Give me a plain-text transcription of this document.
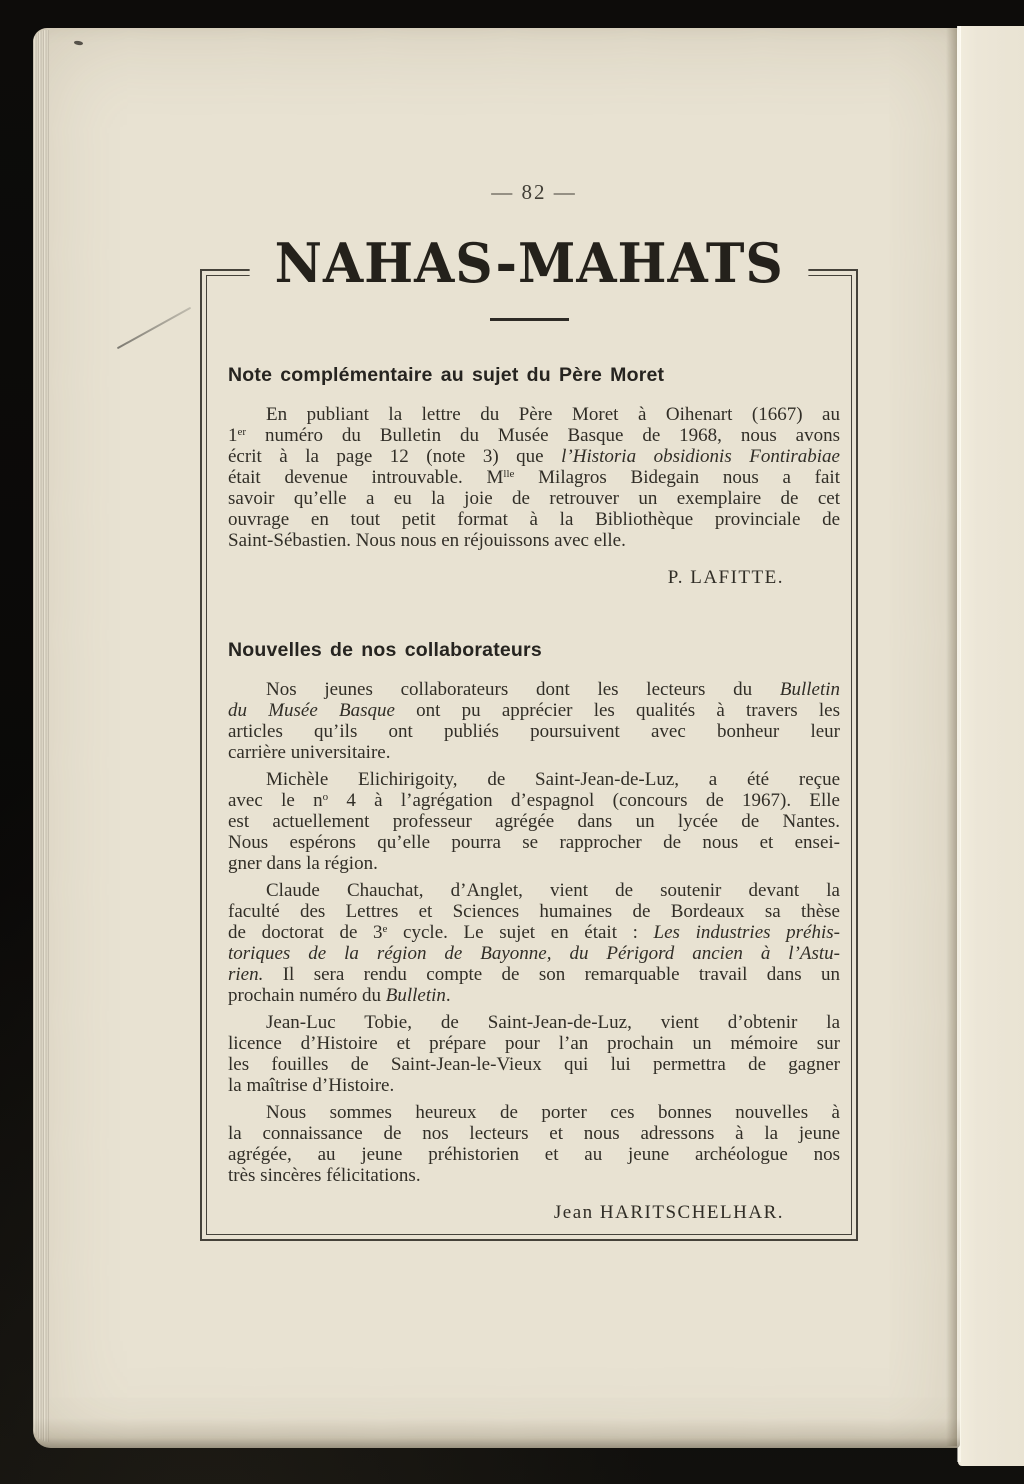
— 82 —
NAHAS-MAHATS
Note complémentaire au sujet du Père Moret
En publiant la lettre du Père Moret à Oihenart (1667) au
1er numéro du Bulletin du Musée Basque de 1968, nous avons
écrit à la page 12 (note 3) que l’Historia obsidionis Fontirabiae
était devenue introuvable. $M^{lle}$ Milagros Bidegain nous a fait
savoir qu’elle a eu la joie de retrouver un exemplaire de cet
ouvrage en tout petit format à la Bibliothèque provinciale de
Saint-Sébastien. Nous nous en réjouissons avec elle.
P. LAFITTE.
Nouvelles de nos collaborateurs
Nos jeunes collaborateurs dont les lecteurs du Bulletin
du Musée Basque ont pu apprécier les qualités à travers les
articles qu’ils ont publiés poursuivent avec bonheur leur
carrière universitaire.
Michèle Elichirigoity, de Saint-Jean-de-Luz, a été reçue
avec le $n^o$ 4 à l’agrégation d’espagnol (concours de 1967). Elle
est actuellement professeur agrégée dans un lycée de Nantes.
Nous espérons qu’elle pourra se rapprocher de nous et ensei-
gner dans la région.
Claude Chauchat, d’Anglet, vient de soutenir devant la
faculté des Lettres et Sciences humaines de Bordeaux sa thèse
de doctorat de 3e cycle. Le sujet en était : Les industries préhis-
toriques de la région de Bayonne, du Périgord ancien à l’Astu-
rien. Il sera rendu compte de son remarquable travail dans un
prochain numéro du Bulletin.
Jean-Luc Tobie, de Saint-Jean-de-Luz, vient d’obtenir la
licence d’Histoire et prépare pour l’an prochain un mémoire sur
les fouilles de Saint-Jean-le-Vieux qui lui permettra de gagner
la maîtrise d’Histoire.
Nous sommes heureux de porter ces bonnes nouvelles à
la connaissance de nos lecteurs et nous adressons à la jeune
agrégée, au jeune préhistorien et au jeune archéologue nos
très sincères félicitations.
Jean HARITSCHELHAR.
